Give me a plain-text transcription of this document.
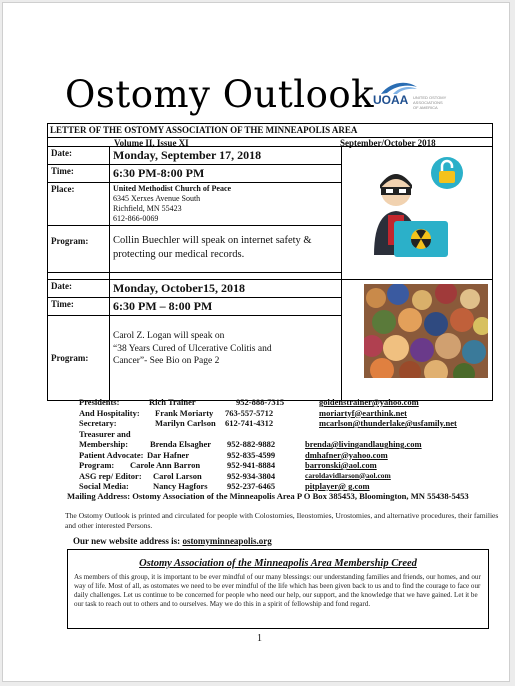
Ostomy Outlook
UOAA UNITED OSTOMY ASSOCIATIONS OF AMERICA
LETTER OF THE OSTOMY ASSOCIATION OF THE MINNEAPOLIS AREA
Volume II, Issue XI	September/October 2018
Date:	Monday, September 17, 2018	

Time:	6:30 PM-8:00 PM	
Place:	United Methodist Church of Peace
6345 Xerxes Avenue South
Richfield, MN 55423
612-866-0069	

Program:	Collin Buechler will speak on internet safety & protecting our medical records.	

Date:	Monday, October15, 2018	

Time:	6:30 PM – 8:00 PM	
Program:	Carol Z. Logan will speak on
“38 Years Cured of Ulcerative Colitis and
Cancer”- See Bio on Page 2	
Presidents:	Rich Trainer	952-888-7315	goldenstrainer@yahoo.com
And Hospitality: Frank Moriarty 763-557-5712	moriartyf@earthink.net
Secretary:	Marilyn Carlson 612-741-4312	mcarlson@thunderlake@usfamily.net
Treasurer and
Membership:	Brenda Elsagher 952-882-9882	brenda@livingandlaughing.com
Patient Advocate: Dar Hafner	952-835-4599	dmhafner@yahoo.com
Program: Carole Ann Barron	952-941-8884	barronski@aol.com
ASG rep/ Editor: Carol Larson	952-934-3804	caroldavidlarson@aol.com
Social Media:	Nancy Hagfors 952-237-6465	pitplayer@ g.com
Mailing Address: Ostomy Association of the Minneapolis Area P O Box 385453, Bloomington, MN 55438-5453
The Ostomy Outlook is printed and circulated for people with Colostomies, Ileostomies, Urostomies, and alternative procedures, their families and other interested Persons.
Our new website address is: ostomyminneapolis.org
Ostomy Association of the Minneapolis Area Membership Creed
As members of this group, it is important to be ever mindful of our many blessings: our understanding families and friends, our homes, and our way of life. Most of all, as ostomates we need to be ever mindful of the life which has been given back to us and to find the courage to face our daily challenges. Let us continue to be concerned for people who need our help, our support, and the knowledge that we have gained. Let it be our task to reach out to others and to ourselves. May we do this in a spirit of fellowship and fond regard.
1
